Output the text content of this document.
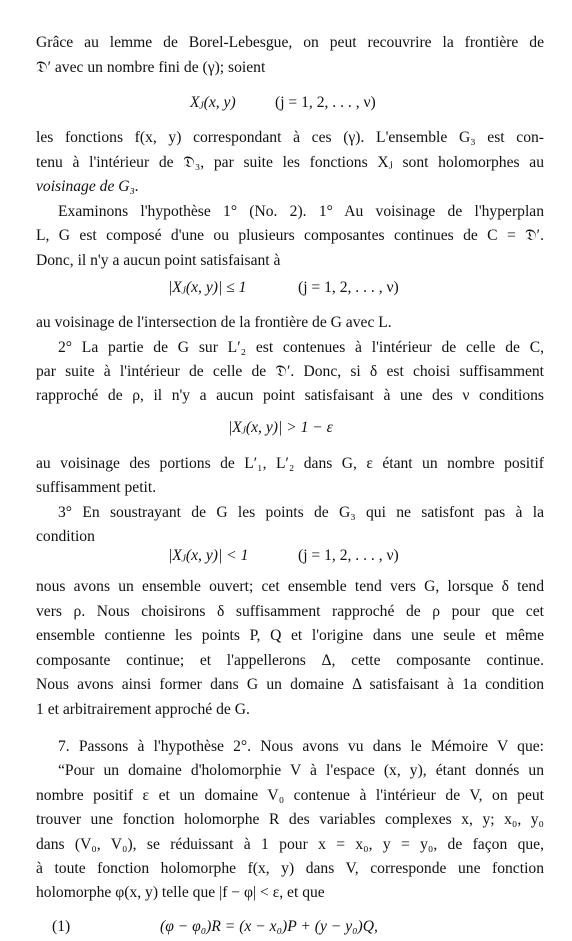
Grâce au lemme de Borel-Lebesgue, on peut recouvrire la frontière de
𝔇′ avec un nombre fini de (γ); soient
Xⱼ(x, y)	(j = 1, 2, . . . , ν)
les fonctions f(x, y) correspondant à ces (γ). L'ensemble G₃ est con-
tenu à l'intérieur de 𝔇₃, par suite les fonctions Xⱼ sont holomorphes au
voisinage de G₃.
Examinons l'hypothèse 1° (No. 2). 1° Au voisinage de l'hyperplan
L, G est composé d'une ou plusieurs composantes continues de C = 𝔇′.
Donc, il n'y a aucun point satisfaisant à
|Xⱼ(x, y)| ≤ 1	(j = 1, 2, . . . , ν)
au voisinage de l'intersection de la frontière de G avec L.
2° La partie de G sur L′₂ est contenues à l'intérieur de celle de C,
par suite à l'intérieur de celle de 𝔇′. Donc, si δ est choisi suffisamment
rapproché de ρ, il n'y a aucun point satisfaisant à une des ν conditions
|Xⱼ(x, y)| > 1 − ε
au voisinage des portions de L′₁, L′₂ dans G, ε étant un nombre positif
suffisamment petit.
3° En soustrayant de G les points de G₃ qui ne satisfont pas à la
condition
|Xⱼ(x, y)| < 1	(j = 1, 2, . . . , ν)
nous avons un ensemble ouvert; cet ensemble tend vers G, lorsque δ tend
vers ρ. Nous choisirons δ suffisamment rapproché de ρ pour que cet
ensemble contienne les points P, Q et l'origine dans une seule et même
composante continue; et l'appellerons Δ, cette composante continue.
Nous avons ainsi former dans G un domaine Δ satisfaisant à 1a condition
1 et arbitrairement approché de G.
7. Passons à l'hypothèse 2°. Nous avons vu dans le Mémoire V que:
“Pour un domaine d'holomorphie V à l'espace (x, y), étant donnés un
nombre positif ε et un domaine V₀ contenue à l'intérieur de V, on peut
trouver une fonction holomorphe R des variables complexes x, y; x₀, y₀
dans (V₀, V₀), se réduissant à 1 pour x = x₀, y = y₀, de façon que,
à toute fonction holomorphe f(x, y) dans V, corresponde une fonction
holomorphe φ(x, y) telle que |f − φ| < ε, et que
(1)	(φ − φ₀)R = (x − x₀)P + (y − y₀)Q,
